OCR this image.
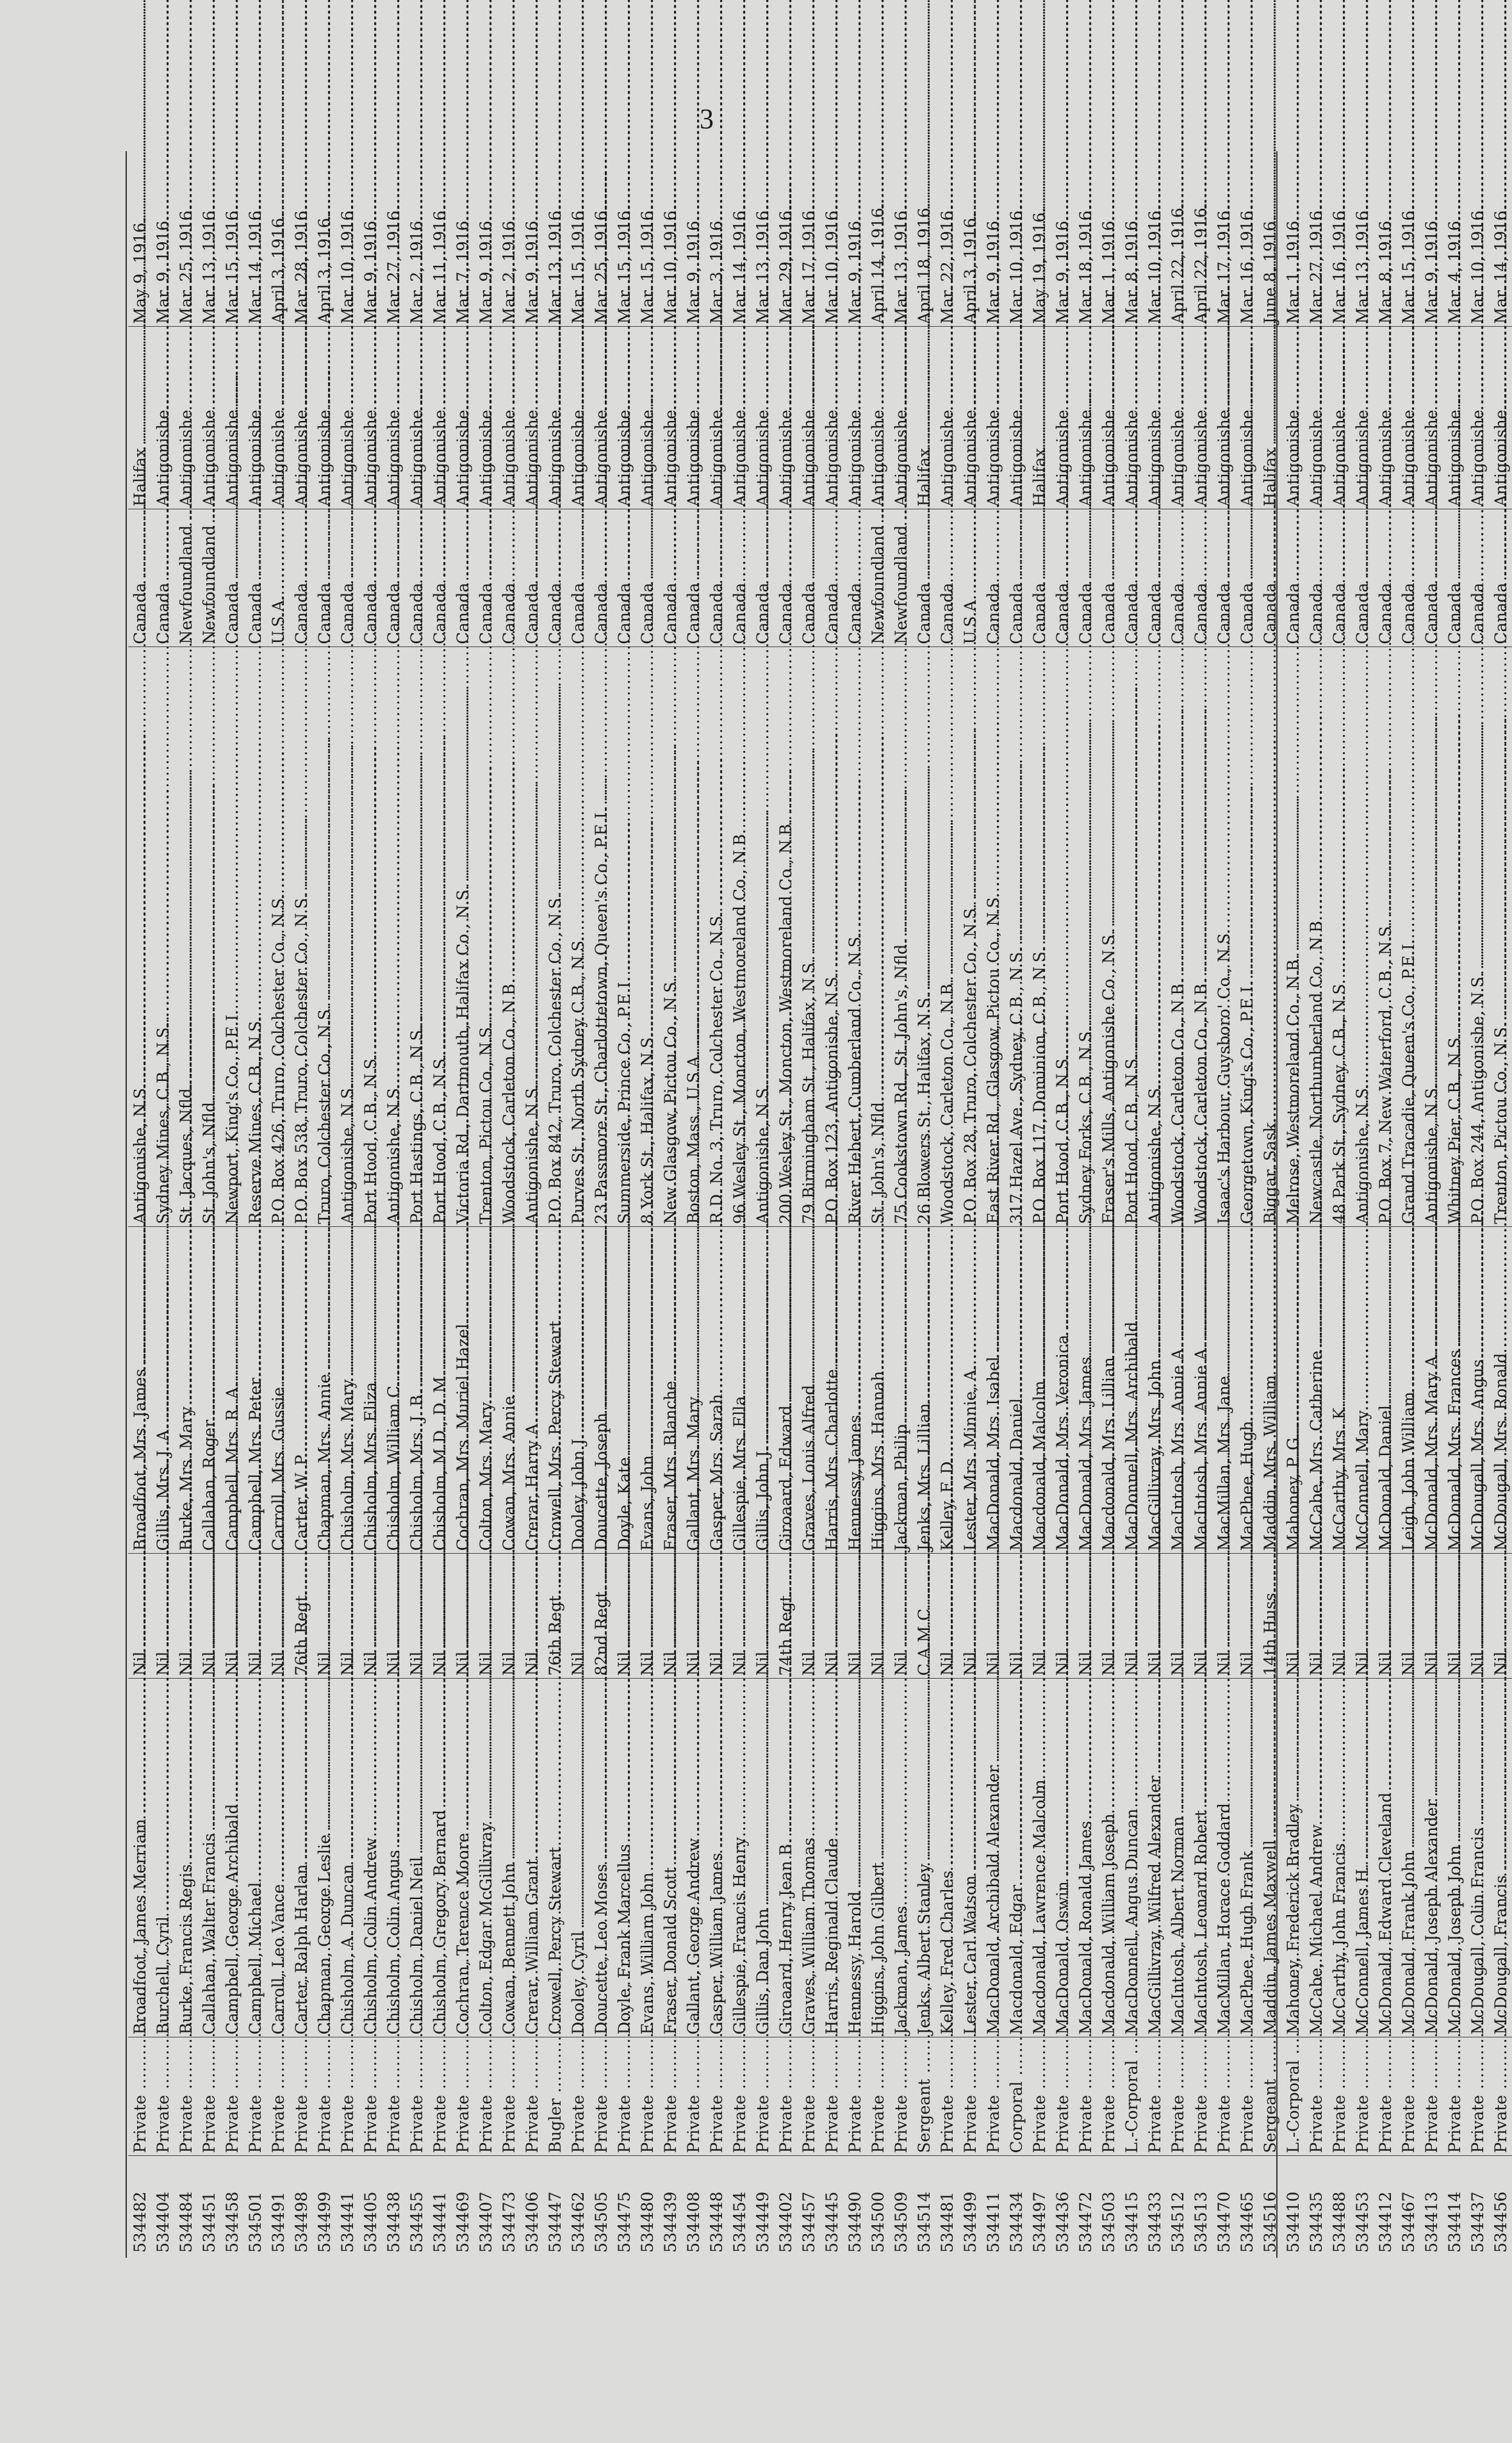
3
534482	Private .....	Broadfoot, James Merriam .....	Nil .....	Broadfoot, Mrs. James .....	Antigonishe, N.S. .....	Canada .....	Halifax .....	May 9, 1916.
534404	Private .....	Burchell, Cyril .....	Nil .....	Gillis, Mrs. J. A. .....	Sydney Mines, C.B., N.S. .....	Canada .....	Antigonishe .....	Mar. 9, 1916.
534484	Private .....	Burke, Francis Regis .....	Nil .....	Burke, Mrs. Mary .....	St. Jacques, Nfld. .....	Newfoundland .....	Antigonishe .....	Mar. 25, 1916.
534451	Private .....	Callahan, Walter Francis .....	Nil .....	Callahan, Roger .....	St. John's, Nfld. .....	Newfoundland .....	Antigonishe .....	Mar. 13, 1916.
534458	Private .....	Campbell, George Archibald .....	Nil .....	Campbell, Mrs. R. A. .....	Newport, King's Co., P.E.I. .....	Canada .....	Antigonishe .....	Mar. 15, 1916.
534501	Private .....	Campbell, Michael .....	Nil .....	Campbell, Mrs. Peter .....	Reserve Mines, C.B., N.S. .....	Canada .....	Antigonishe .....	Mar. 14, 1916.
534491	Private .....	Carroll, Leo Vance .....	Nil .....	Carroll, Mrs. Gussie .....	P.O. Box 426, Truro, Colchester Co., N.S. .....	U.S.A. .....	Antigonishe .....	April 3, 1916.
534498	Private .....	Carter, Ralph Harlan .....	76th Regt. .....	Carter, W. P. .....	P.O. Box 538, Truro, Colchester Co., N.S. .....	Canada .....	Antigonishe .....	Mar. 28, 1916.
534499	Private .....	Chapman, George Leslie .....	Nil .....	Chapman, Mrs. Annie .....	Truro, Colchester Co., N.S. .....	Canada .....	Antigonishe .....	April 3, 1916.
534441	Private .....	Chisholm, A. Duncan .....	Nil .....	Chisholm, Mrs. Mary .....	Antigonishe, N.S. .....	Canada .....	Antigonishe .....	Mar. 10, 1916.
534405	Private .....	Chisholm, Colin Andrew .....	Nil .....	Chisholm, Mrs. Eliza .....	Port Hood, C.B., N.S. .....	Canada .....	Antigonishe .....	Mar. 9, 1916.
534438	Private .....	Chisholm, Colin Angus .....	Nil .....	Chisholm, William C. .....	Antigonishe, N.S. .....	Canada .....	Antigonishe .....	Mar. 27, 1916.
534455	Private .....	Chisholm, Daniel Neil .....	Nil .....	Chisholm, Mrs. J. B. .....	Port Hastings, C.B., N.S. .....	Canada .....	Antigonishe .....	Mar. 2, 1916.
534441	Private .....	Chisholm, Gregory Bernard .....	Nil .....	Chisholm, M.D., D. M. .....	Port Hood, C.B., N.S. .....	Canada .....	Antigonishe .....	Mar. 11, 1916.
534469	Private .....	Cochran, Terence Moore .....	Nil .....	Cochran, Mrs. Muriel Hazel .....	Victoria Rd., Dartmouth, Halifax Co., N.S. .....	Canada .....	Antigonishe .....	Mar. 7, 1916.
534407	Private .....	Colton, Edgar McGillivray .....	Nil .....	Colton, Mrs. Mary .....	Trenton, Pictou Co., N.S. .....	Canada .....	Antigonishe .....	Mar. 9, 1916.
534473	Private .....	Cowan, Bennett John .....	Nil .....	Cowan, Mrs. Annie .....	Woodstock, Carleton Co., N.B. .....	Canada .....	Antigonishe .....	Mar. 2, 1916.
534406	Private .....	Crerar, William Grant .....	Nil .....	Crerar, Harry A. .....	Antigonishe, N.S. .....	Canada .....	Antigonishe .....	Mar. 9, 1916.
534447	Bugler .....	Crowell, Percy Stewart .....	76th Regt. .....	Crowell, Mrs. Percy Stewart .....	P.O. Box 842, Truro, Colchester Co., N.S. .....	Canada .....	Antigonishe .....	Mar. 13, 1916.
534462	Private .....	Dooley, Cyril .....	Nil .....	Dooley, John J. .....	Purves St., North Sydney C.B., N.S. .....	Canada .....	Antigonishe .....	Mar. 15, 1916.
534505	Private .....	Doucette, Leo Moses .....	82nd Regt. .....	Doucette, Joseph .....	23 Passmore St., Charlottetown, Queen's Co., P.E.I. .....	Canada .....	Antigonishe .....	Mar. 25, 1916.
534475	Private .....	Doyle, Frank Marcellus .....	Nil .....	Doyle, Kate .....	Summerside, Prince Co., P.E.I. .....	Canada .....	Antigonishe .....	Mar. 15, 1916.
534480	Private .....	Evans, William John .....	Nil .....	Evans, John .....	8 York St., Halifax, N.S. .....	Canada .....	Antigonishe .....	Mar. 15, 1916.
534439	Private .....	Fraser, Donald Scott .....	Nil .....	Fraser, Mrs. Blanche .....	New Glasgow, Pictou Co., N.S. .....	Canada .....	Antigonishe .....	Mar. 10, 1916.
534408	Private .....	Gallant, George Andrew .....	Nil .....	Gallant, Mrs. Mary .....	Boston, Mass., U.S.A. .....	Canada .....	Antigonishe .....	Mar. 9, 1916.
534448	Private .....	Gasper, William James .....	Nil .....	Gasper, Mrs. Sarah .....	R.D. No. 3, Truro, Colchester Co., N.S. .....	Canada .....	Antigonishe .....	Mar. 3, 1916.
534454	Private .....	Gillespie, Francis Henry .....	Nil .....	Gillespie, Mrs. Ella .....	96 Wesley St., Moncton, Westmoreland Co., N.B. .....	Canada .....	Antigonishe .....	Mar. 14, 1916.
534449	Private .....	Gillis, Dan John .....	Nil .....	Gillis, John J. .....	Antigonishe, N.S. .....	Canada .....	Antigonishe .....	Mar. 13, 1916.
534402	Private .....	Giroaard, Henry Jean B. .....	74th Regt. .....	Giroaard, Edward .....	200 Wesley St., Moncton, Westmoreland Co., N.B. .....	Canada .....	Antigonishe .....	Mar. 29, 1916.
534457	Private .....	Graves, William Thomas .....	Nil .....	Graves, Louis Alfred .....	79 Birmingham St., Halifax, N.S. .....	Canada .....	Antigonishe .....	Mar. 17, 1916.
534445	Private .....	Harris, Reginald Claude .....	Nil .....	Harris, Mrs. Charlotte .....	P.O. Box 123, Antigonishe, N.S. .....	Canada .....	Antigonishe .....	Mar. 10, 1916.
534490	Private .....	Hennessy, Harold .....	Nil .....	Hennessy, James .....	River Hebert, Cumberland Co., N.S. .....	Canada .....	Antigonishe .....	Mar. 9, 1916.
534500	Private .....	Higgins, John Gilbert .....	Nil .....	Higgins, Mrs. Hannah .....	St. John's, Nfld. .....	Newfoundland .....	Antigonishe .....	April 14, 1916.
534509	Private .....	Jackman, James .....	Nil .....	Jackman, Philip .....	75 Cookstown Rd., St. John's, Nfld. .....	Newfoundland .....	Antigonishe .....	Mar. 13, 1916.
534514	Sergeant .....	Jenks, Albert Stanley .....	C.A.M.C. .....	Jenks, Mrs. Lillian .....	26 Blowers St., Halifax, N.S. .....	Canada .....	Halifax .....	April 18, 1916.
534481	Private .....	Kelley, Fred Charles .....	Nil .....	Kelley, F. D. .....	Woodstock, Carleton Co., N.B. .....	Canada .....	Antigonishe .....	Mar. 22, 1916.
534499	Private .....	Lester, Carl Watson .....	Nil .....	Lester, Mrs. Minnie, A. .....	P.O. Box 28, Truro, Colchester Co., N.S. .....	U.S.A. .....	Antigonishe .....	April 3, 1916.
534411	Private .....	MacDonald, Archibald Alexander .....	Nil .....	MacDonald, Mrs. Isabel .....	East River Rd., Glasgow, Pictou Co., N.S. .....	Canada .....	Antigonishe .....	Mar. 9, 1916.
534434	Corporal .....	Macdonald, Edgar .....	Nil .....	Macdonald, Daniel .....	317 Hazel Ave., Sydney, C.B., N.S. .....	Canada .....	Antigonishe .....	Mar. 10, 1916.
534497	Private .....	Macdonald, Lawrence Malcolm .....	Nil .....	Macdonald, Malcolm .....	P.O. Box 117, Dominion, C.B., N.S. .....	Canada .....	Halifax .....	May 19, 1916.
534436	Private .....	MacDonald, Oswin .....	Nil .....	MacDonald, Mrs. Veronica .....	Port Hood, C.B., N.S. .....	Canada .....	Antigonishe .....	Mar. 9, 1916.
534472	Private .....	MacDonald, Ronald James .....	Nil .....	MacDonald, Mrs. James .....	Sydney Forks, C.B., N.S. .....	Canada .....	Antigonishe .....	Mar. 18, 1916.
534503	Private .....	Macdonald, William Joseph .....	Nil .....	Macdonald, Mrs. Lillian .....	Fraser's Mills, Antigonishe Co., N.S. .....	Canada .....	Antigonishe .....	Mar. 1, 1916.
534415	L.-Corporal .....	MacDonnell, Angus Duncan .....	Nil .....	MacDonnell, Mrs. Archibald .....	Port Hood, C.B., N.S. .....	Canada .....	Antigonishe .....	Mar. 8, 1916.
534433	Private .....	MacGillivray, Wilfred Alexander .....	Nil .....	MacGillivray, Mrs. John .....	Antigonishe, N.S. .....	Canada .....	Antigonishe .....	Mar. 10, 1916.
534512	Private .....	MacIntosh, Albert Norman .....	Nil .....	MacIntosh, Mrs. Annie A. .....	Woodstock, Carleton Co., N.B. .....	Canada .....	Antigonishe .....	April 22, 1916.
534513	Private .....	MacIntosh, Leonard Robert .....	Nil .....	MacIntosh, Mrs. Annie A. .....	Woodstock, Carleton Co., N.B. .....	Canada .....	Antigonishe .....	April 22, 1916.
534470	Private .....	MacMillan, Horace Goddard .....	Nil .....	MacMillan, Mrs. Jane .....	Isaac's Harbour, Guysboro' Co., N.S. .....	Canada .....	Antigonishe .....	Mar. 17, 1916.
534465	Private .....	MacPhee, Hugh Frank .....	Nil .....	MacPhee, Hugh .....	Georgetown, King's Co., P.E.I. .....	Canada .....	Antigonishe .....	Mar. 16, 1916.
534516	Sergeant .....	Maddin, James Maxwell .....	14th Huss. .....	Maddin, Mrs. William .....	Biggar, Sask. .....	Canada .....	Halifax .....	June 8, 1916.
534410	L.-Corporal .....	Mahoney, Frederick Bradley .....	Nil .....	Mahoney, P. G. .....	Melrose, Westmoreland Co., N.B. .....	Canada .....	Antigonishe .....	Mar. 1, 1916.
534435	Private .....	McCabe, Michael Andrew .....	Nil .....	McCabe, Mrs. Catherine .....	Newcastle, Northumberland Co., N.B. .....	Canada .....	Antigonishe .....	Mar. 27, 1916.
534488	Private .....	McCarthy, John Francis .....	Nil .....	McCarthy, Mrs. K. .....	48 Park St., Sydney, C.B., N.S. .....	Canada .....	Antigonishe .....	Mar. 16, 1916.
534453	Private .....	McConnell, James H. .....	Nil .....	McConnell, Mary .....	Antigonishe, N.S. .....	Canada .....	Antigonishe .....	Mar. 13, 1916.
534412	Private .....	McDonald, Edward Cleveland .....	Nil .....	McDonald, Daniel .....	P.O. Box 7, New Waterford, C.B., N.S. .....	Canada .....	Antigonishe .....	Mar. 8, 1916.
534467	Private .....	McDonald, Frank John .....	Nil .....	Leigh, John William .....	Grand Tracadie, Queen's Co., P.E.I. .....	Canada .....	Antigonishe .....	Mar. 15, 1916.
534413	Private .....	McDonald, Joseph Alexander .....	Nil .....	McDonald, Mrs. Mary A. .....	Antigonishe, N.S. .....	Canada .....	Antigonishe .....	Mar. 9, 1916.
534414	Private .....	McDonald, Joseph John .....	Nil .....	McDonald, Mrs. Frances .....	Whitney Pier, C.B., N.S. .....	Canada .....	Antigonishe .....	Mar. 4, 1916.
534437	Private .....	McDougall, Colin Francis .....	Nil .....	McDougall, Mrs. Angus .....	P.O. Box 244, Antigonishe, N.S. .....	Canada .....	Antigonishe .....	Mar. 10, 1916.
534456	Private .....	McDougall, Francis .....	Nil .....	McDougall, Mrs. Ronald .....	Trenton, Pictou Co., N.S. .....	Canada .....	Antigonishe .....	Mar. 14, 1916.
